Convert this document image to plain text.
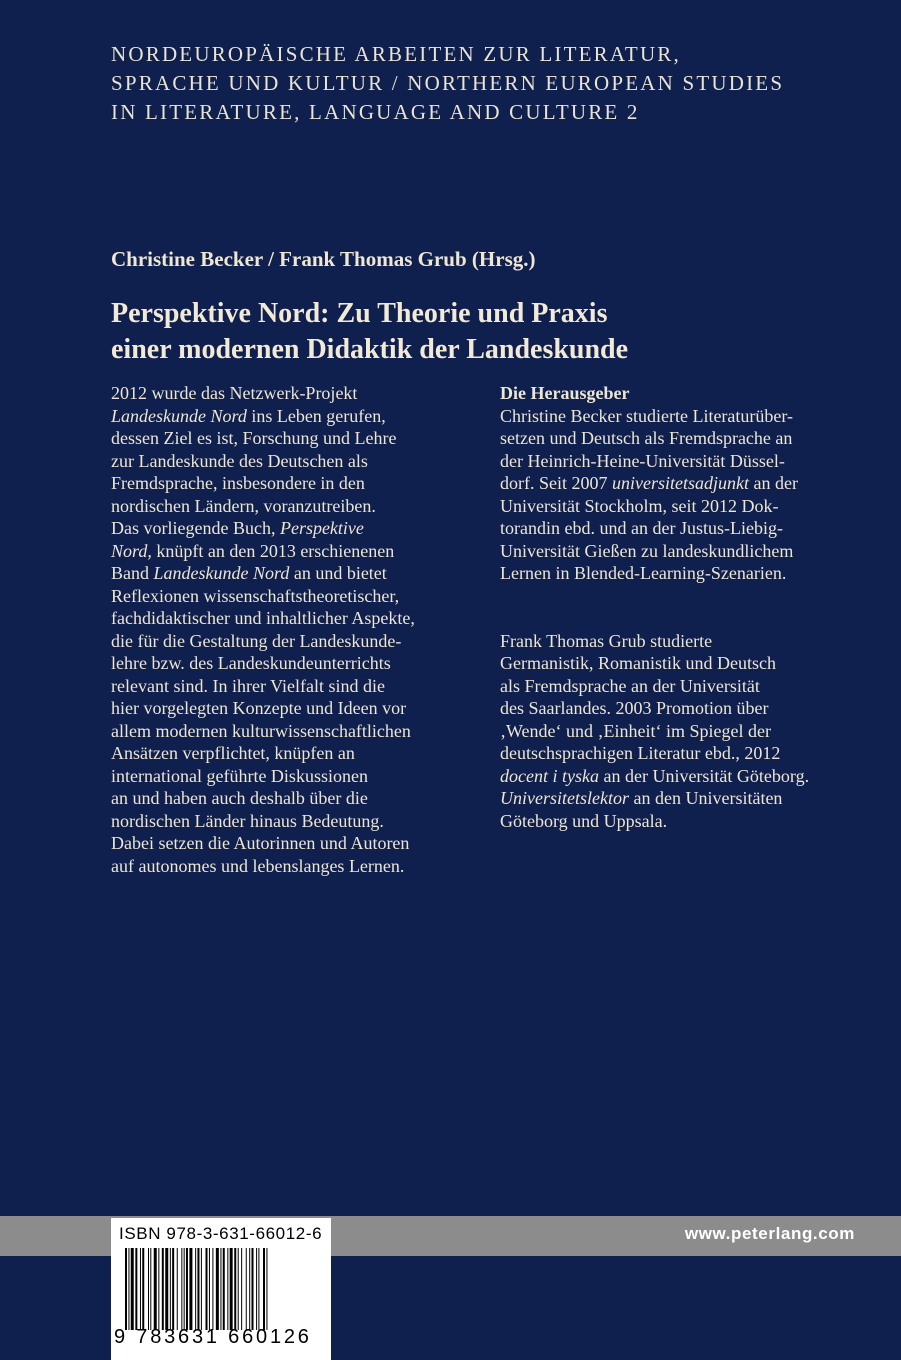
NORDEUROPÄISCHE ARBEITEN ZUR LITERATUR,
SPRACHE UND KULTUR / NORTHERN EUROPEAN STUDIES
IN LITERATURE, LANGUAGE AND CULTURE 2
Christine Becker / Frank Thomas Grub (Hrsg.)
Perspektive Nord: Zu Theorie und Praxis
einer modernen Didaktik der Landeskunde
2012 wurde das Netzwerk-Projekt
Landeskunde Nord ins Leben gerufen,
dessen Ziel es ist, Forschung und Lehre
zur Landeskunde des Deutschen als
Fremdsprache, insbesondere in den
nordischen Ländern, voranzutreiben.
Das vorliegende Buch, Perspektive
Nord, knüpft an den 2013 erschienenen
Band Landeskunde Nord an und bietet
Reflexionen wissenschaftstheoretischer,
fachdidaktischer und inhaltlicher Aspekte,
die für die Gestaltung der Landeskunde-
lehre bzw. des Landeskundeunterrichts
relevant sind. In ihrer Vielfalt sind die
hier vorgelegten Konzepte und Ideen vor
allem modernen kulturwissenschaftlichen
Ansätzen verpflichtet, knüpfen an
international geführte Diskussionen
an und haben auch deshalb über die
nordischen Länder hinaus Bedeutung.
Dabei setzen die Autorinnen und Autoren
auf autonomes und lebenslanges Lernen.
Die Herausgeber
Christine Becker studierte Literaturüber-
setzen und Deutsch als Fremdsprache an
der Heinrich-Heine-Universität Düssel-
dorf. Seit 2007 universitetsadjunkt an der
Universität Stockholm, seit 2012 Dok-
torandin ebd. und an der Justus-Liebig-
Universität Gießen zu landeskundlichem
Lernen in Blended-Learning-Szenarien.
Frank Thomas Grub studierte
Germanistik, Romanistik und Deutsch
als Fremdsprache an der Universität
des Saarlandes. 2003 Promotion über
‚Wende‘ und ‚Einheit‘ im Spiegel der
deutschsprachigen Literatur ebd., 2012
docent i tyska an der Universität Göteborg.
Universitetslektor an den Universitäten
Göteborg und Uppsala.
www.peterlang.com
ISBN 978-3-631-66012-6
9 783631 660126
